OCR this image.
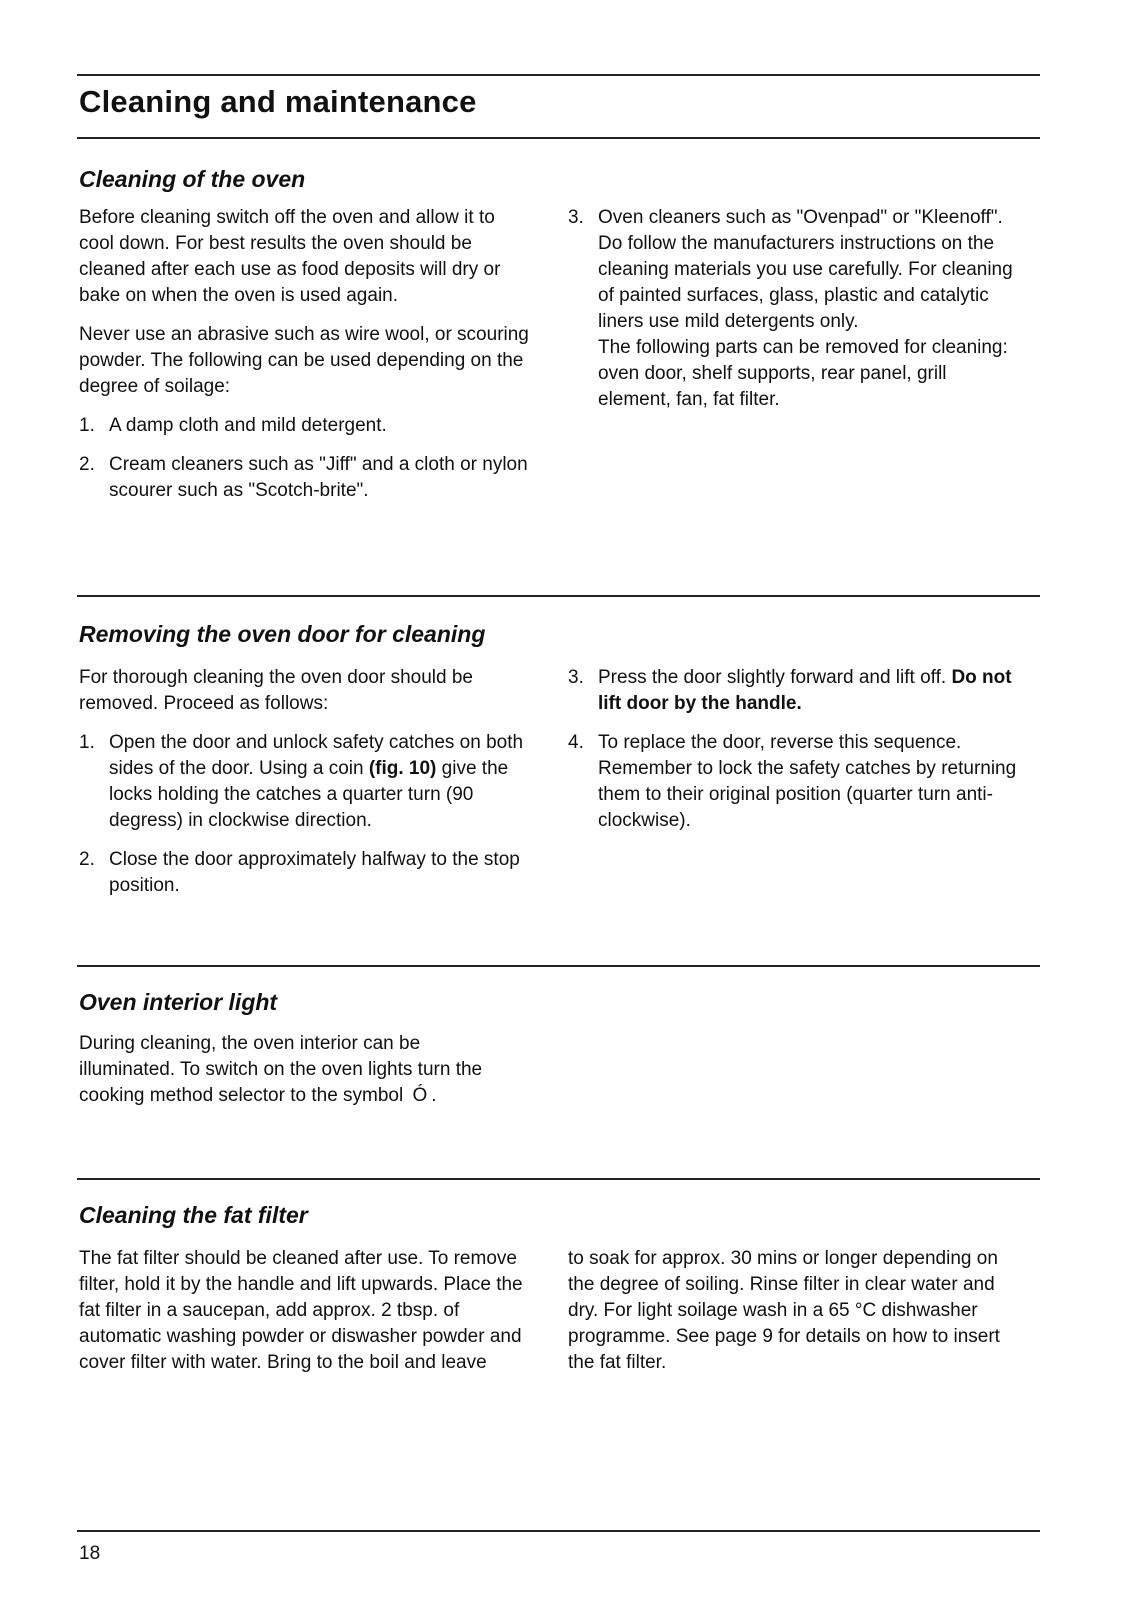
Cleaning and maintenance
Cleaning of the oven

Before cleaning switch off the oven and allow it to cool down. For best results the oven should be cleaned after each use as food deposits will dry or bake on when the oven is used again.

Never use an abrasive such as wire wool, or scouring powder. The following can be used depending on the degree of soilage:

1. A damp cloth and mild detergent.
2. Cream cleaners such as "Jiff" and a cloth or nylon scourer such as "Scotch-brite".
3. Oven cleaners such as "Ovenpad" or "Kleenoff". Do follow the manufacturers instructions on the cleaning materials you use carefully. For cleaning of painted surfaces, glass, plastic and catalytic liners use mild detergents only.
The following parts can be removed for cleaning: oven door, shelf supports, rear panel, grill element, fan, fat filter.
Removing the oven door for cleaning

For thorough cleaning the oven door should be removed. Proceed as follows:

1. Open the door and unlock safety catches on both sides of the door. Using a coin (fig. 10) give the locks holding the catches a quarter turn (90 degress) in clockwise direction.
2. Close the door approximately halfway to the stop position.
3. Press the door slightly forward and lift off. Do not lift door by the handle.
4. To replace the door, reverse this sequence. Remember to lock the safety catches by returning them to their original position (quarter turn anti-clockwise).
Oven interior light

During cleaning, the oven interior can be illuminated. To switch on the oven lights turn the cooking method selector to the symbol Ó .

Cleaning the fat filter

The fat filter should be cleaned after use. To remove filter, hold it by the handle and lift upwards. Place the fat filter in a saucepan, add approx. 2 tbsp. of automatic washing powder or diswasher powder and cover filter with water. Bring to the boil and leave

to soak for approx. 30 mins or longer depending on the degree of soiling. Rinse filter in clear water and dry. For light soilage wash in a 65 °C dishwasher programme. See page 9 for details on how to insert the fat filter.

18
